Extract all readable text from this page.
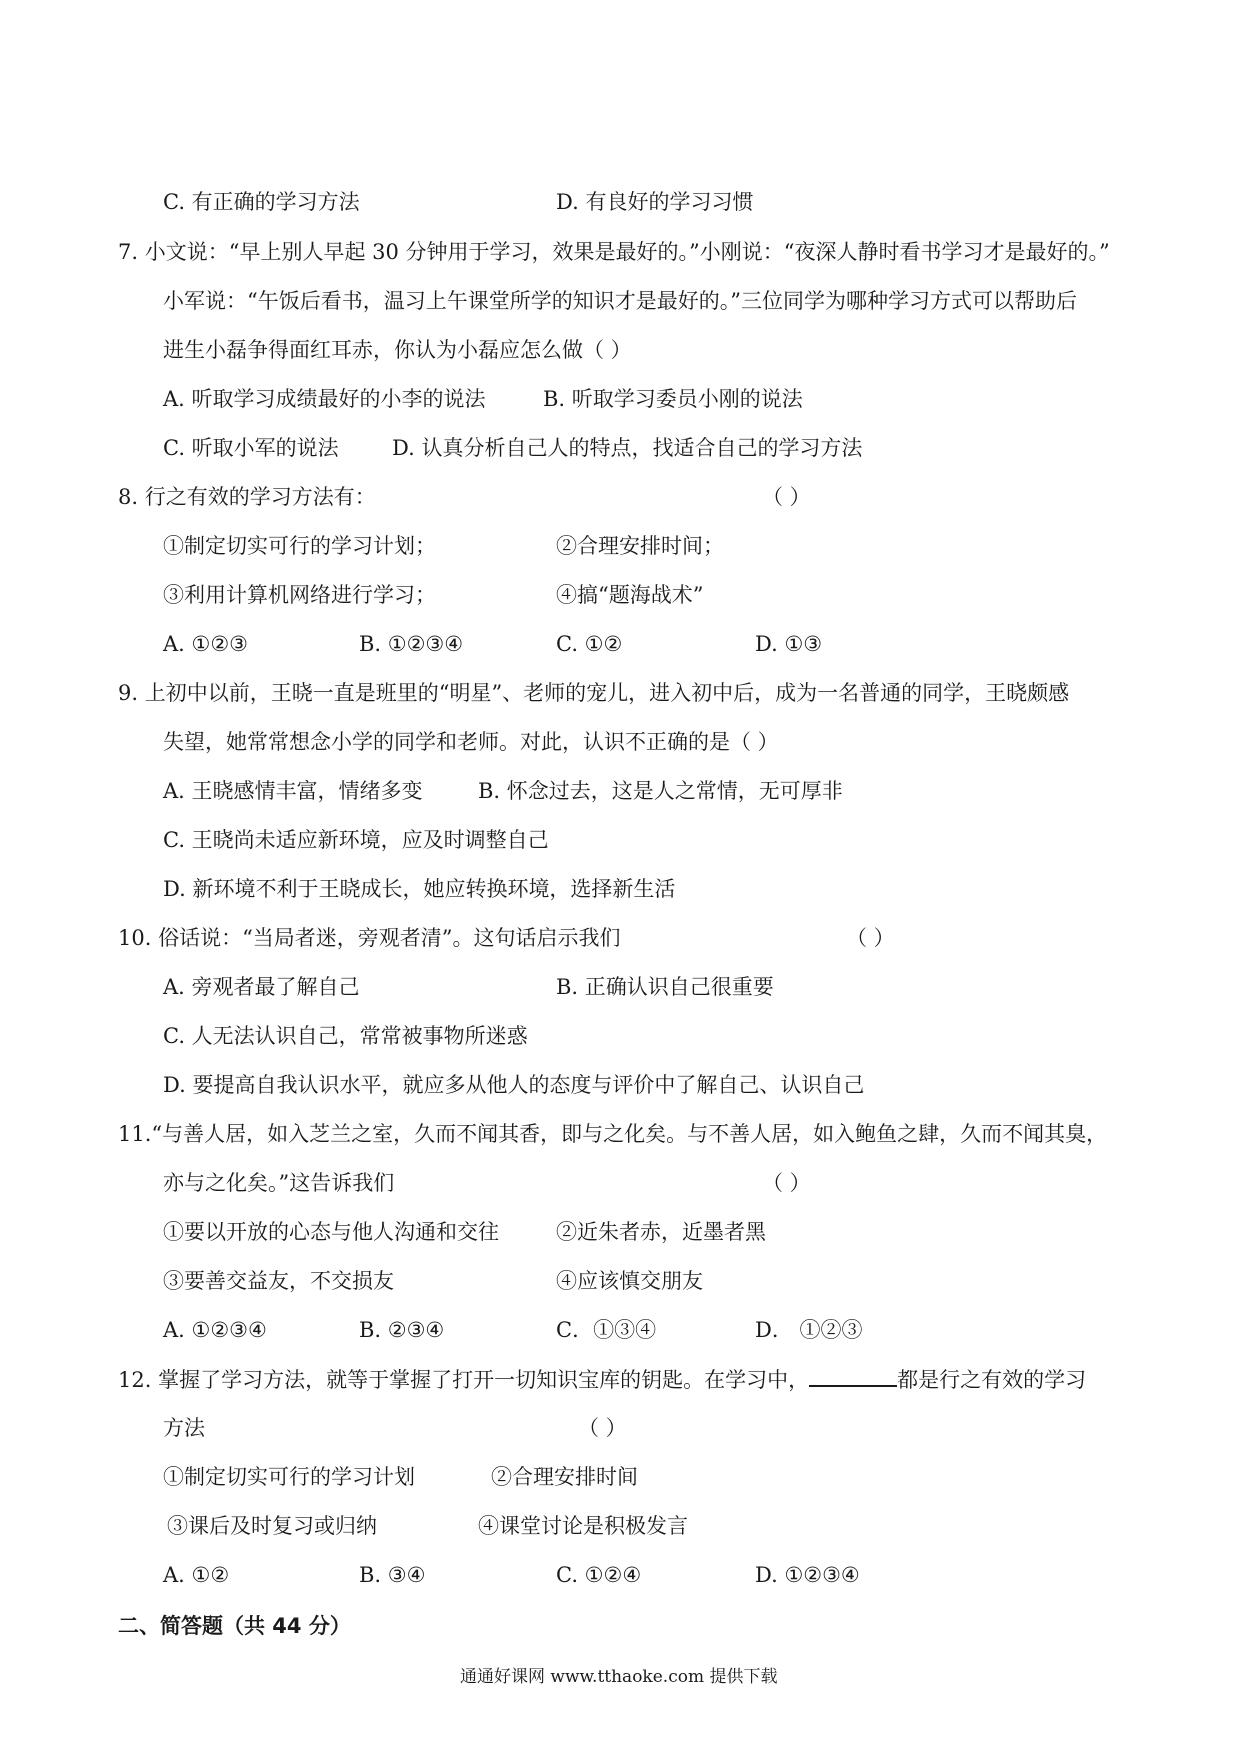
C. 有正确的学习方法	D. 有良好的学习习惯
7. 小文说：“早上别人早起 30 分钟用于学习，效果是最好的。”小刚说：“夜深人静时看书学习才是最好的。”
小军说：“午饭后看书，温习上午课堂所学的知识才是最好的。”三位同学为哪种学习方式可以帮助后
进生小磊争得面红耳赤，你认为小磊应怎么做（ ）
A. 听取学习成绩最好的小李的说法	B. 听取学习委员小刚的说法
C. 听取小军的说法	D. 认真分析自己人的特点，找适合自己的学习方法
8. 行之有效的学习方法有：	（ ）
①制定切实可行的学习计划；	②合理安排时间；
③利用计算机网络进行学习；	④搞“题海战术”
A. ①②③	B. ①②③④	C. ①②	D. ①③
9. 上初中以前，王晓一直是班里的“明星”、老师的宠儿，进入初中后，成为一名普通的同学，王晓颇感
失望，她常常想念小学的同学和老师。对此，认识不正确的是（ ）
A. 王晓感情丰富，情绪多变	B. 怀念过去，这是人之常情，无可厚非
C. 王晓尚未适应新环境，应及时调整自己
D. 新环境不利于王晓成长，她应转换环境，选择新生活
10. 俗话说：“当局者迷，旁观者清”。这句话启示我们	（ ）
A. 旁观者最了解自己	B. 正确认识自己很重要
C. 人无法认识自己，常常被事物所迷惑
D. 要提高自我认识水平，就应多从他人的态度与评价中了解自己、认识自己
11.“与善人居，如入芝兰之室，久而不闻其香，即与之化矣。与不善人居，如入鲍鱼之肆，久而不闻其臭，
亦与之化矣。”这告诉我们	（ ）
①要以开放的心态与他人沟通和交往	②近朱者赤，近墨者黑
③要善交益友，不交损友	④应该慎交朋友
A. ①②③④	B. ②③④	C．①③④	D． ①②③
12. 掌握了学习方法，就等于掌握了打开一切知识宝库的钥匙。在学习中，	都是行之有效的学习
方法	（ ）
①制定切实可行的学习计划	②合理安排时间
③课后及时复习或归纳	④课堂讨论是积极发言
A. ①②	B. ③④	C. ①②④	D. ①②③④
二、简答题（共 44 分）
通通好课网 www.tthaoke.com 提供下载
